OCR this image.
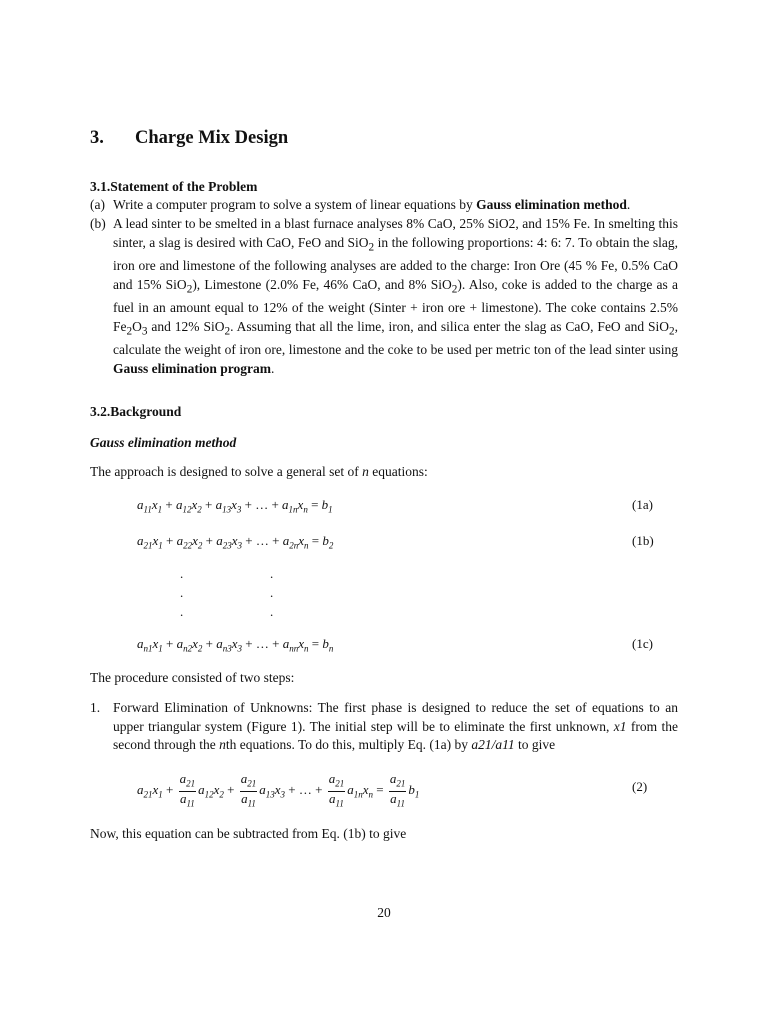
3. Charge Mix Design
3.1.Statement of the Problem
(a) Write a computer program to solve a system of linear equations by Gauss elimination method.
(b) A lead sinter to be smelted in a blast furnace analyses 8% CaO, 25% SiO2, and 15% Fe. In smelting this sinter, a slag is desired with CaO, FeO and SiO$_2$ in the following proportions: 4: 6: 7. To obtain the slag, iron ore and limestone of the following analyses are added to the charge: Iron Ore (45 % Fe, 0.5% CaO and 15% SiO$_2$), Limestone (2.0% Fe, 46% CaO, and 8% SiO$_2$). Also, coke is added to the charge as a fuel in an amount equal to 12% of the weight (Sinter + iron ore + limestone). The coke contains 2.5% $Fe_2O_3$ and 12% SiO$_2$. Assuming that all the lime, iron, and silica enter the slag as CaO, FeO and SiO$_2$, calculate the weight of iron ore, limestone and the coke to be used per metric ton of the lead sinter using Gauss elimination program.
3.2.Background
Gauss elimination method
The approach is designed to solve a general set of n equations:
$a_{11}x_1 + a_{12}x_2 + a_{13}x_3$ + … + $a_{1n}x_n = b_1$	(1a)
$a_{21}x_1 + a_{22}x_2 + a_{23}x_3$ + … + $a_{2n}x_n = b_2$	(1b)
.	.
.	.
.	.
$a_{n1}x_1 + a_{n2}x_2 + a_{n3}x_3$ + … + $a_{nn}x_n = b_n$	(1c)
The procedure consisted of two steps:
1. Forward Elimination of Unknowns: The first phase is designed to reduce the set of equations to an upper triangular system (Figure 1). The initial step will be to eliminate the first unknown, x1 from the second through the nth equations. To do this, multiply Eq. (1a) by a21/a11 to give
$a_{21}x_1 + \frac{a_{21}}{a_{11}} a_{12}x_2 + \frac{a_{21}}{a_{11}} a_{13}x_3$ + … + $\frac{a_{21}}{a_{11}} a_{1n}x_n = \frac{a_{21}}{a_{11}} b_1$
(2)
Now, this equation can be subtracted from Eq. (1b) to give
20
